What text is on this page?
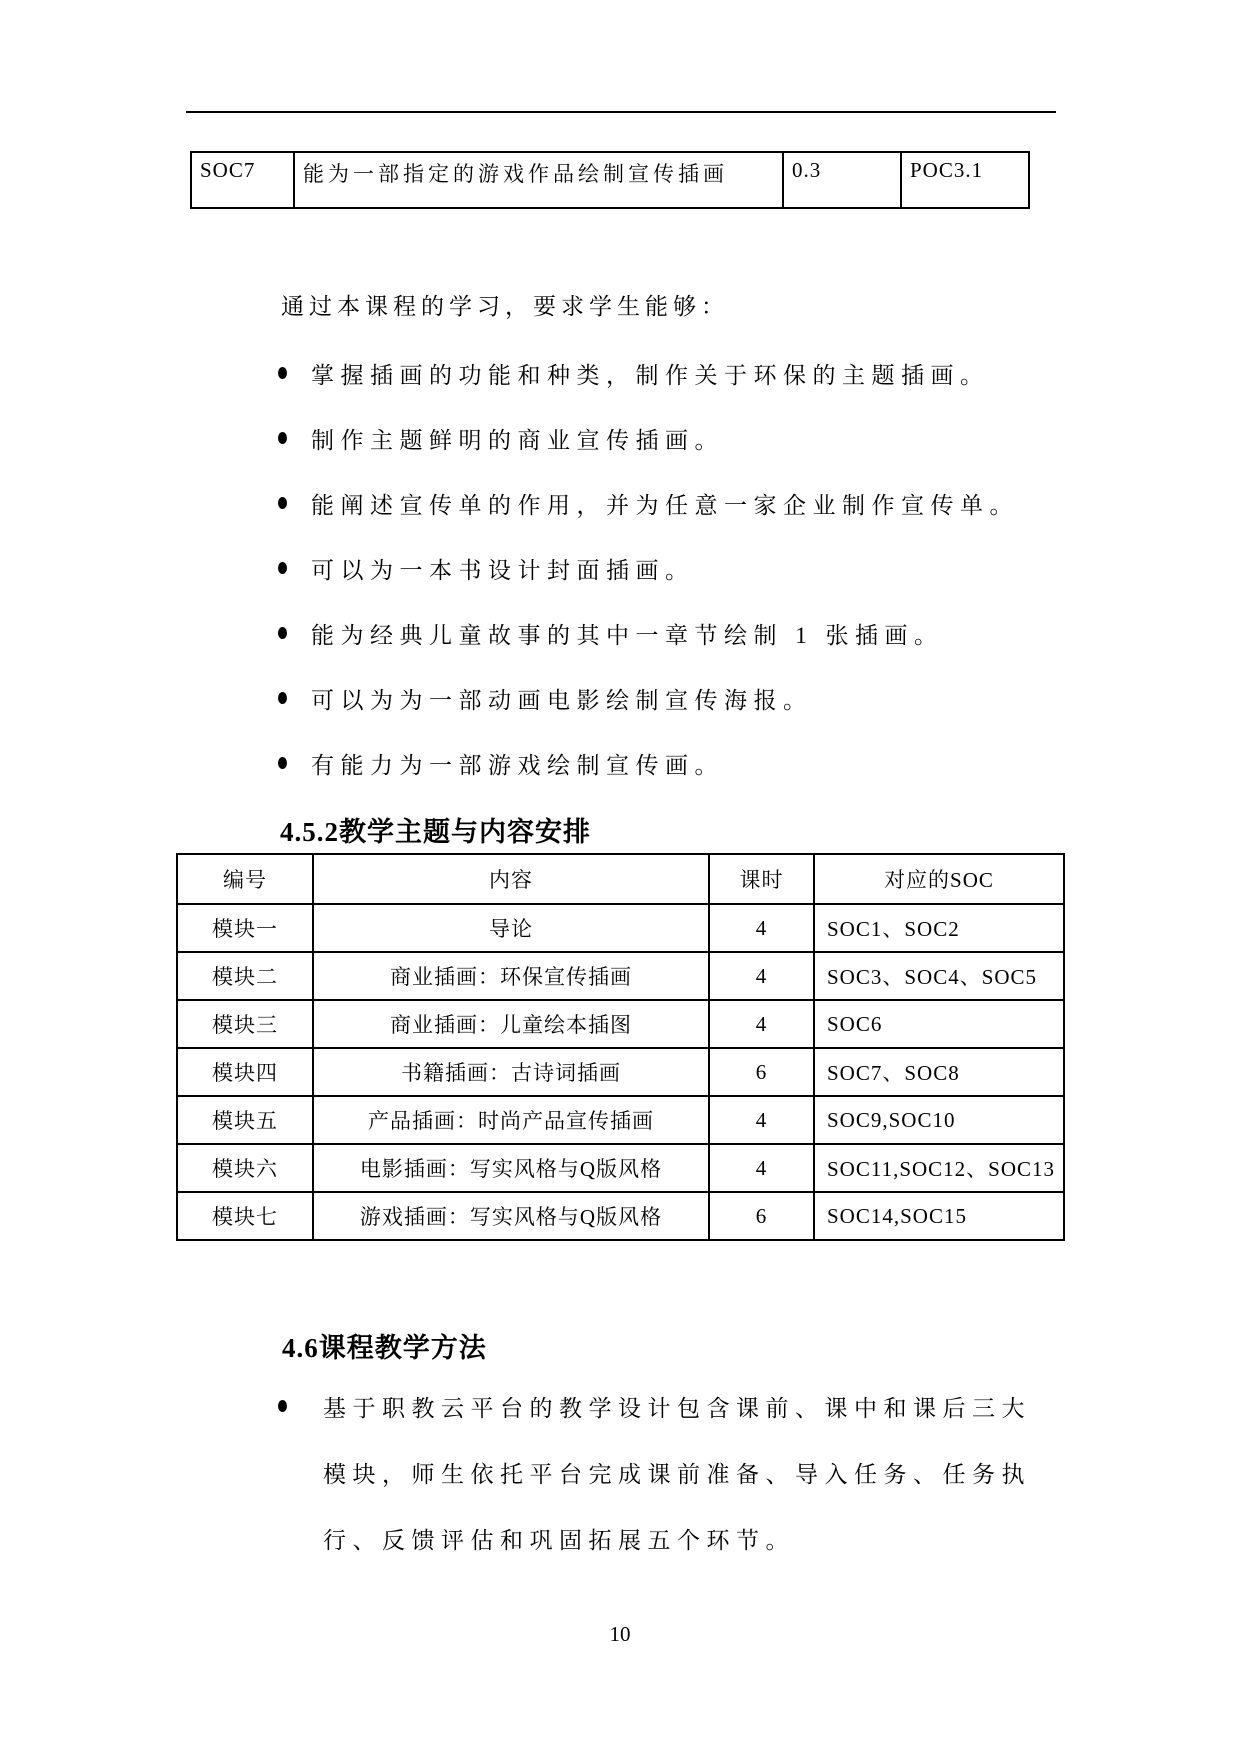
SOC7	能为一部指定的游戏作品绘制宣传插画	0.3	POC3.1
通过本课程的学习，要求学生能够：
掌握插画的功能和种类，制作关于环保的主题插画。
制作主题鲜明的商业宣传插画。
能阐述宣传单的作用，并为任意一家企业制作宣传单。
可以为一本书设计封面插画。
能为经典儿童故事的其中一章节绘制 1 张插画。
可以为为一部动画电影绘制宣传海报。
有能力为一部游戏绘制宣传画。
4.5.2教学主题与内容安排
编号	内容	课时	对应的SOC
模块一	导论	4	SOC1、SOC2
模块二	商业插画：环保宣传插画	4	SOC3、SOC4、SOC5
模块三	商业插画：儿童绘本插图	4	SOC6
模块四	书籍插画：古诗词插画	6	SOC7、SOC8
模块五	产品插画：时尚产品宣传插画	4	SOC9,SOC10
模块六	电影插画：写实风格与Q版风格	4	SOC11,SOC12、SOC13
模块七	游戏插画：写实风格与Q版风格	6	SOC14,SOC15
4.6课程教学方法
基于职教云平台的教学设计包含课前、课中和课后三大
模块，师生依托平台完成课前准备、导入任务、任务执
行、反馈评估和巩固拓展五个环节。
10
